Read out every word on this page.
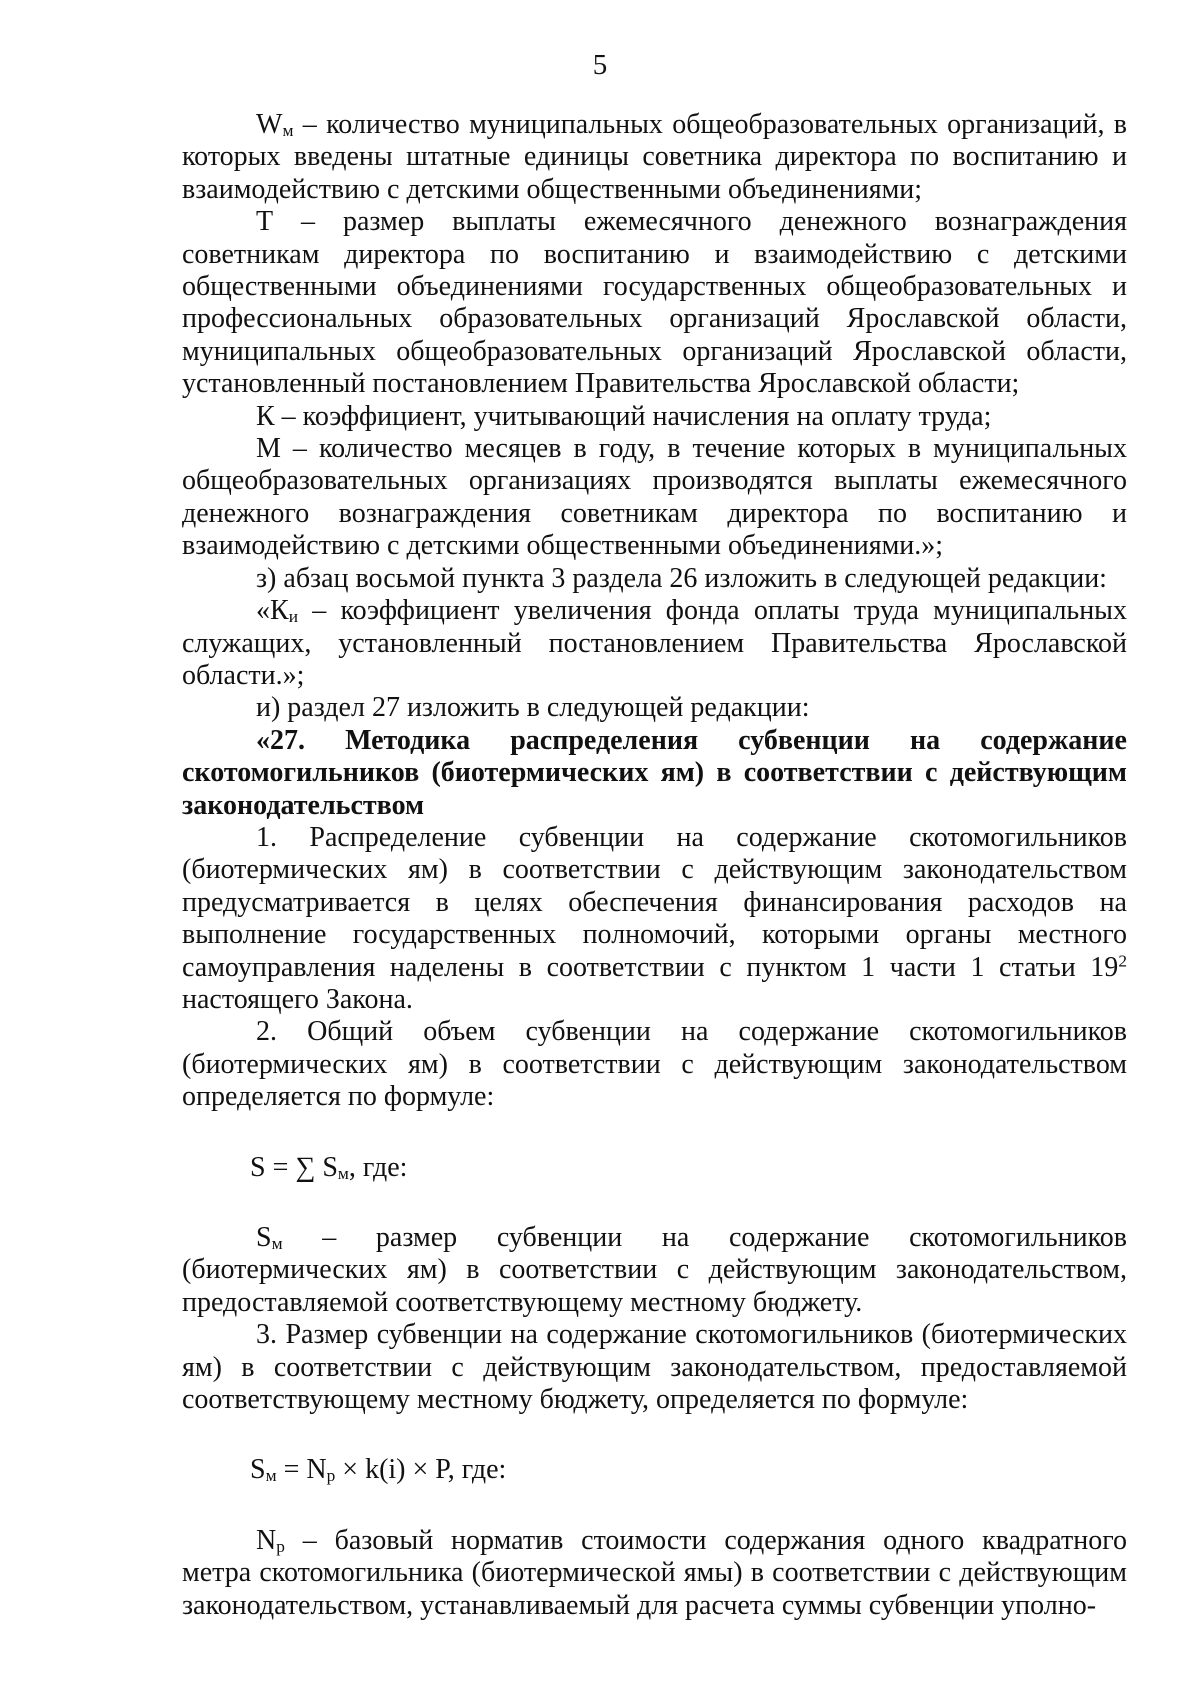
5

$W_м$ – количество муниципальных общеобразовательных организаций, в которых введены штатные единицы советника директора по воспитанию и взаимодействию с детскими общественными объединениями;

Т – размер выплаты ежемесячного денежного вознаграждения советникам директора по воспитанию и взаимодействию с детскими общественными объединениями государственных общеобразовательных и профессиональных образовательных организаций Ярославской области, муниципальных общеобразовательных организаций Ярославской области, установленный постановлением Правительства Ярославской области;

К – коэффициент, учитывающий начисления на оплату труда;

М – количество месяцев в году, в течение которых в муниципальных общеобразовательных организациях производятся выплаты ежемесячного денежного вознаграждения советникам директора по воспитанию и взаимодействию с детскими общественными объединениями.»;

з) абзац восьмой пункта 3 раздела 26 изложить в следующей редакции:

«$К_и$ – коэффициент увеличения фонда оплаты труда муниципальных служащих, установленный постановлением Правительства Ярославской области.»;

и) раздел 27 изложить в следующей редакции:

«27. Методика распределения субвенции на содержание скотомогильников (биотермических ям) в соответствии с действующим законодательством

1. Распределение субвенции на содержание скотомогильников (биотермических ям) в соответствии с действующим законодательством предусматривается в целях обеспечения финансирования расходов на выполнение государственных полномочий, которыми органы местного самоуправления наделены в соответствии с пунктом 1 части 1 статьи $19^2$ настоящего Закона.

2. Общий объем субвенции на содержание скотомогильников (биотермических ям) в соответствии с действующим законодательством определяется по формуле:

S = ∑ $S_м$, где:

$S_м$ – размер субвенции на содержание скотомогильников (биотермических ям) в соответствии с действующим законодательством, предоставляемой соответствующему местному бюджету.

3. Размер субвенции на содержание скотомогильников (биотермических ям) в соответствии с действующим законодательством, предоставляемой соответствующему местному бюджету, определяется по формуле:

$S_м = N_р \times k(i) \times P$, где:

$N_р$ – базовый норматив стоимости содержания одного квадратного метра скотомогильника (биотермической ямы) в соответствии с действующим законодательством, устанавливаемый для расчета суммы субвенции уполно-
